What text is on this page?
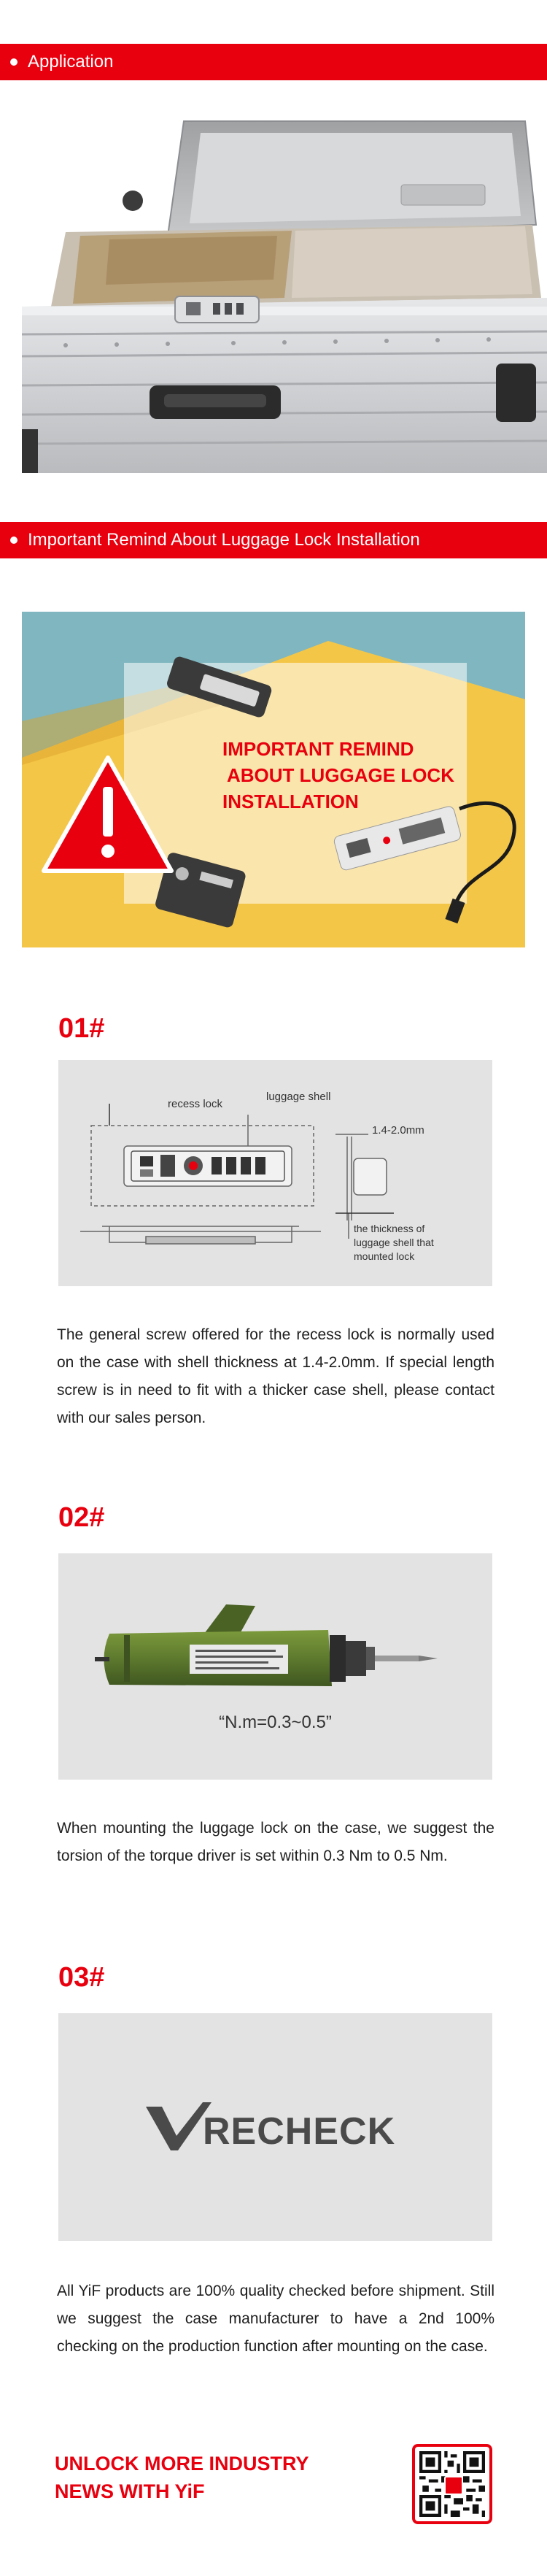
Application
Important Remind About Luggage Lock Installation
IMPORTANT REMIND
ABOUT LUGGAGE LOCK
INSTALLATION
01#
recess lock
luggage shell
1.4-2.0mm
the thickness of
luggage shell that
mounted lock
The general screw offered for the recess lock is normally used on the case with shell thickness at 1.4-2.0mm. If special length screw is in need to fit with a thicker case shell, please contact with our sales person.
02#
“N.m=0.3~0.5”
When mounting the luggage lock on the case, we suggest the torsion of the torque driver is set within 0.3 Nm to 0.5 Nm.
03#
RECHECK
All YiF products are 100% quality checked before shipment. Still we suggest the case manufacturer to have a 2nd 100% checking on the production function after mounting on the case.
UNLOCK MORE INDUSTRY
NEWS WITH YiF
